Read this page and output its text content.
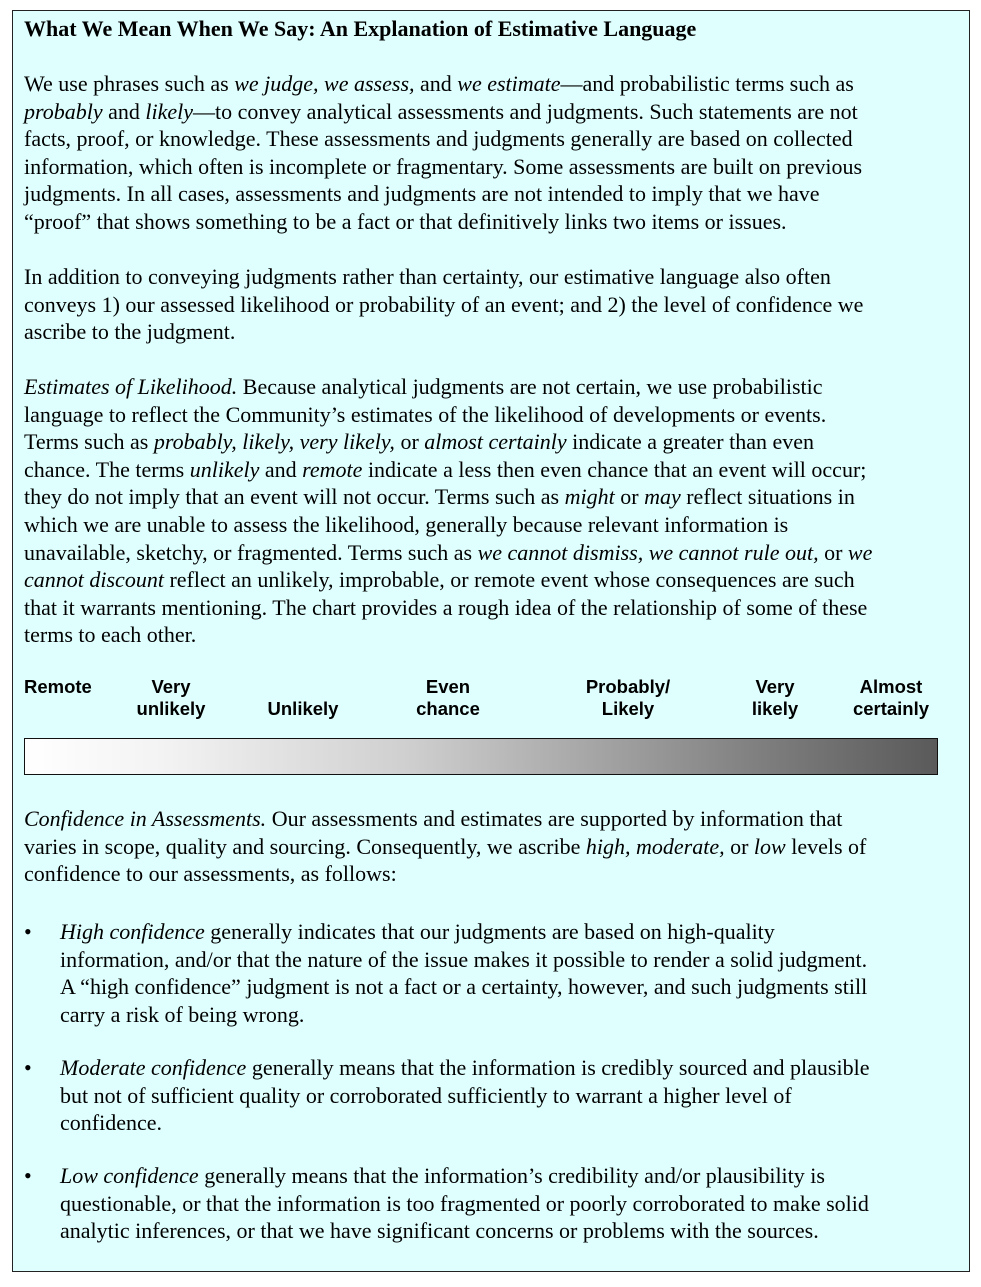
What We Mean When We Say: An Explanation of Estimative Language
We use phrases such as we judge, we assess, and we estimate—and probabilistic terms such as
probably and likely—to convey analytical assessments and judgments. Such statements are not
facts, proof, or knowledge. These assessments and judgments generally are based on collected
information, which often is incomplete or fragmentary. Some assessments are built on previous
judgments. In all cases, assessments and judgments are not intended to imply that we have
“proof” that shows something to be a fact or that definitively links two items or issues.
In addition to conveying judgments rather than certainty, our estimative language also often
conveys 1) our assessed likelihood or probability of an event; and 2) the level of confidence we
ascribe to the judgment.
Estimates of Likelihood. Because analytical judgments are not certain, we use probabilistic
language to reflect the Community’s estimates of the likelihood of developments or events.
Terms such as probably, likely, very likely, or almost certainly indicate a greater than even
chance. The terms unlikely and remote indicate a less then even chance that an event will occur;
they do not imply that an event will not occur. Terms such as might or may reflect situations in
which we are unable to assess the likelihood, generally because relevant information is
unavailable, sketchy, or fragmented. Terms such as we cannot dismiss, we cannot rule out, or we
cannot discount reflect an unlikely, improbable, or remote event whose consequences are such
that it warrants mentioning. The chart provides a rough idea of the relationship of some of these
terms to each other.
Remote	Very
unlikely	Unlikely
Even
chance
Probably/
Likely
Very
likely
Almost
certainly
Confidence in Assessments. Our assessments and estimates are supported by information that
varies in scope, quality and sourcing. Consequently, we ascribe high, moderate, or low levels of
confidence to our assessments, as follows:
•	High confidence generally indicates that our judgments are based on high-quality
information, and/or that the nature of the issue makes it possible to render a solid judgment.
A “high confidence” judgment is not a fact or a certainty, however, and such judgments still
carry a risk of being wrong.
•	Moderate confidence generally means that the information is credibly sourced and plausible
but not of sufficient quality or corroborated sufficiently to warrant a higher level of
confidence.
•	Low confidence generally means that the information’s credibility and/or plausibility is
questionable, or that the information is too fragmented or poorly corroborated to make solid
analytic inferences, or that we have significant concerns or problems with the sources.
